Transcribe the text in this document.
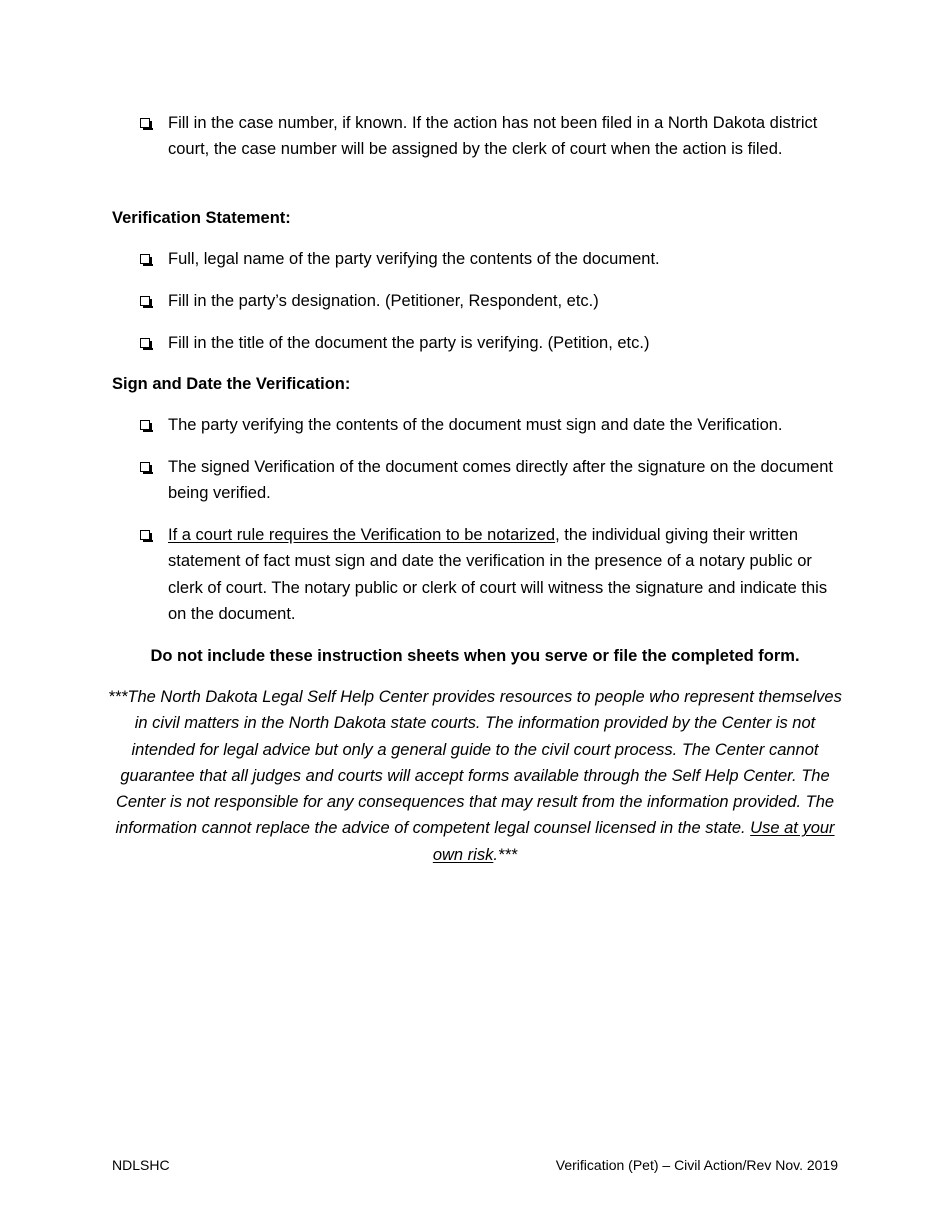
Fill in the case number, if known. If the action has not been filed in a North Dakota district court, the case number will be assigned by the clerk of court when the action is filed.
Verification Statement:
Full, legal name of the party verifying the contents of the document.
Fill in the party’s designation. (Petitioner, Respondent, etc.)
Fill in the title of the document the party is verifying. (Petition, etc.)
Sign and Date the Verification:
The party verifying the contents of the document must sign and date the Verification.
The signed Verification of the document comes directly after the signature on the document being verified.
If a court rule requires the Verification to be notarized, the individual giving their written statement of fact must sign and date the verification in the presence of a notary public or clerk of court. The notary public or clerk of court will witness the signature and indicate this on the document.
Do not include these instruction sheets when you serve or file the completed form.
***The North Dakota Legal Self Help Center provides resources to people who represent themselves in civil matters in the North Dakota state courts. The information provided by the Center is not intended for legal advice but only a general guide to the civil court process. The Center cannot guarantee that all judges and courts will accept forms available through the Self Help Center. The Center is not responsible for any consequences that may result from the information provided. The information cannot replace the advice of competent legal counsel licensed in the state. Use at your own risk.***
NDLSHC	Verification (Pet) – Civil Action/Rev Nov. 2019
